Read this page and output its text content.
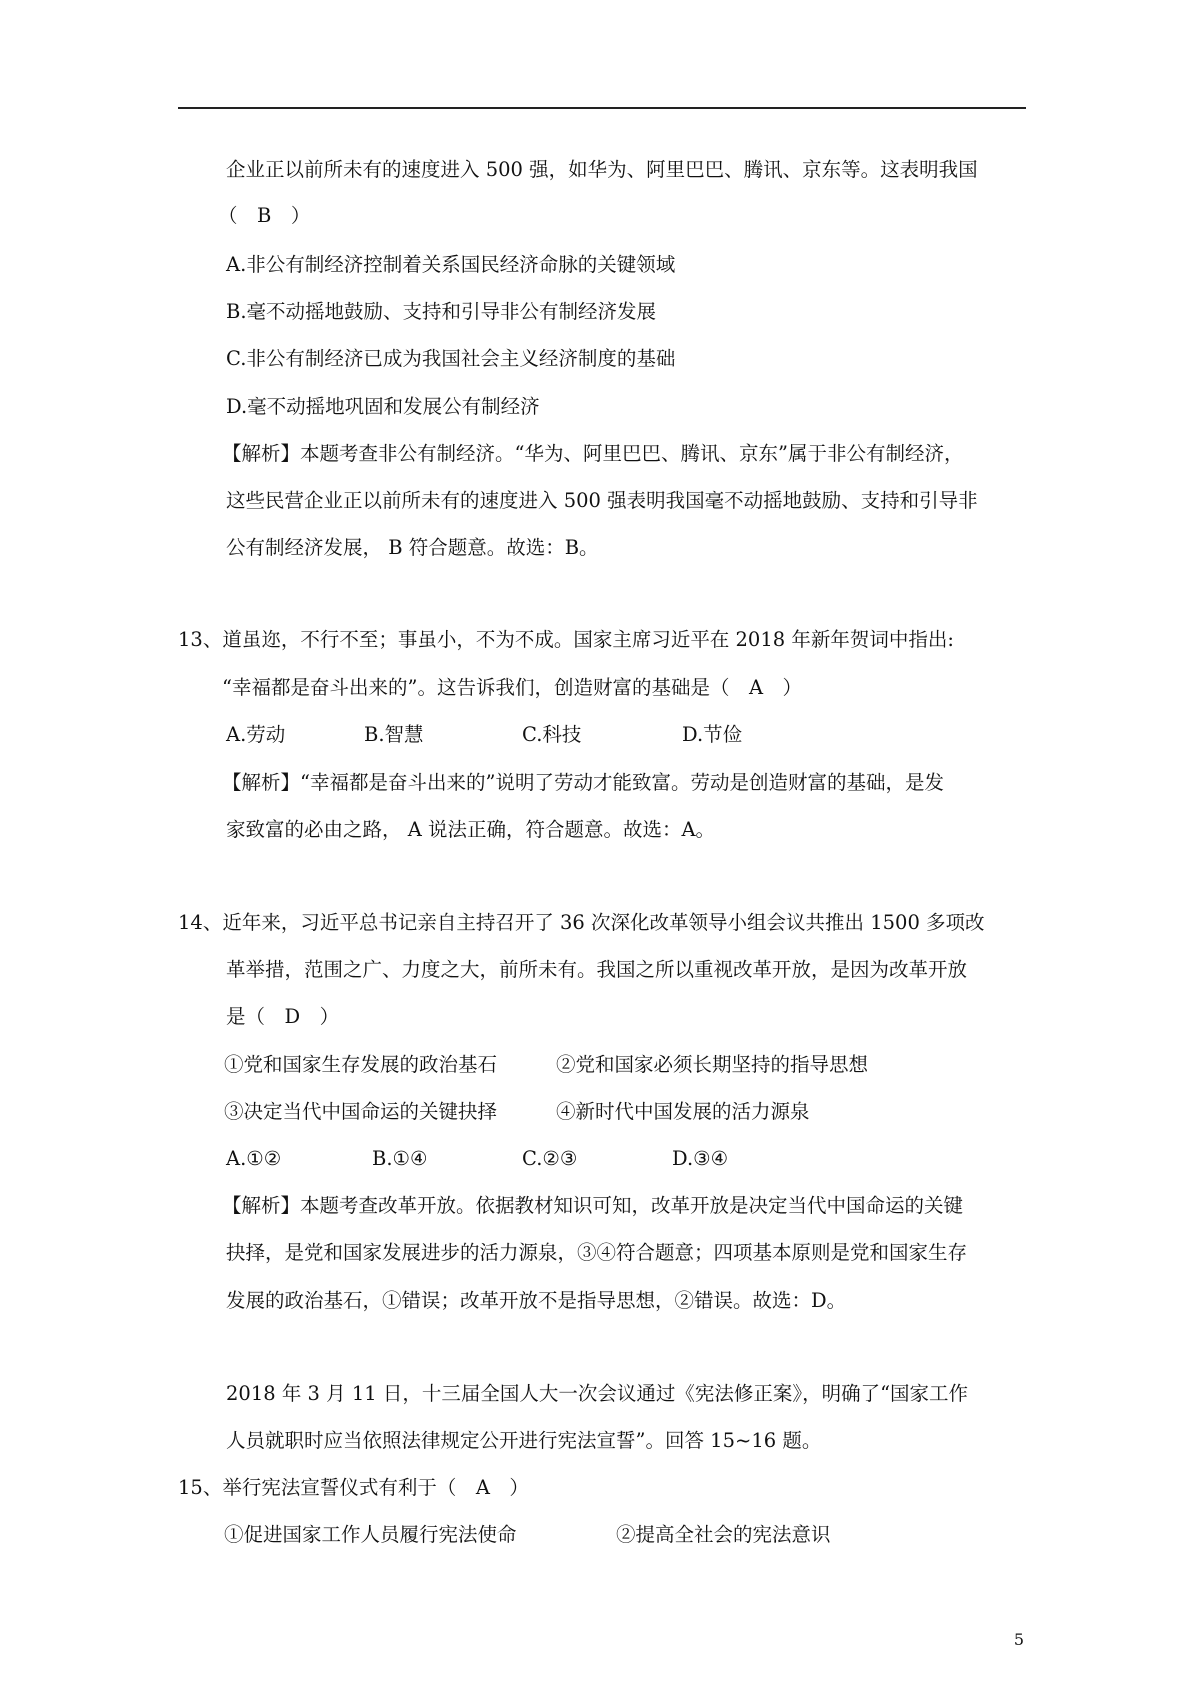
企业正以前所未有的速度进入 500 强，如华为、阿里巴巴、腾讯、京东等。这表明我国
（　B　）
A.非公有制经济控制着关系国民经济命脉的关键领域
B.毫不动摇地鼓励、支持和引导非公有制经济发展
C.非公有制经济已成为我国社会主义经济制度的基础
D.毫不动摇地巩固和发展公有制经济
【解析】本题考查非公有制经济。“华为、阿里巴巴、腾讯、京东”属于非公有制经济，
这些民营企业正以前所未有的速度进入 500 强表明我国毫不动摇地鼓励、支持和引导非
公有制经济发展， B 符合题意。故选：B。
13、道虽迩，不行不至；事虽小，不为不成。国家主席习近平在 2018 年新年贺词中指出:
“幸福都是奋斗出来的”。这告诉我们，创造财富的基础是（　A　）
A.劳动	B.智慧	C.科技	D.节俭
【解析】“幸福都是奋斗出来的”说明了劳动才能致富。劳动是创造财富的基础，是发
家致富的必由之路， A 说法正确，符合题意。故选：A。
14、近年来，习近平总书记亲自主持召开了 36 次深化改革领导小组会议共推出 1500 多项改
革举措，范围之广、力度之大，前所未有。我国之所以重视改革开放，是因为改革开放
是（　D　）
①党和国家生存发展的政治基石	②党和国家必须长期坚持的指导思想
③决定当代中国命运的关键抉择	④新时代中国发展的活力源泉
A.①②	B.①④	C.②③	D.③④
【解析】本题考查改革开放。依据教材知识可知，改革开放是决定当代中国命运的关键
抉择，是党和国家发展进步的活力源泉，③④符合题意；四项基本原则是党和国家生存
发展的政治基石，①错误；改革开放不是指导思想，②错误。故选：D。
2018 年 3 月 11 日，十三届全国人大一次会议通过《宪法修正案》，明确了“国家工作
人员就职时应当依照法律规定公开进行宪法宣誓”。回答 15~16 题。
15、举行宪法宣誓仪式有利于（　A　）
①促进国家工作人员履行宪法使命	②提高全社会的宪法意识
5
